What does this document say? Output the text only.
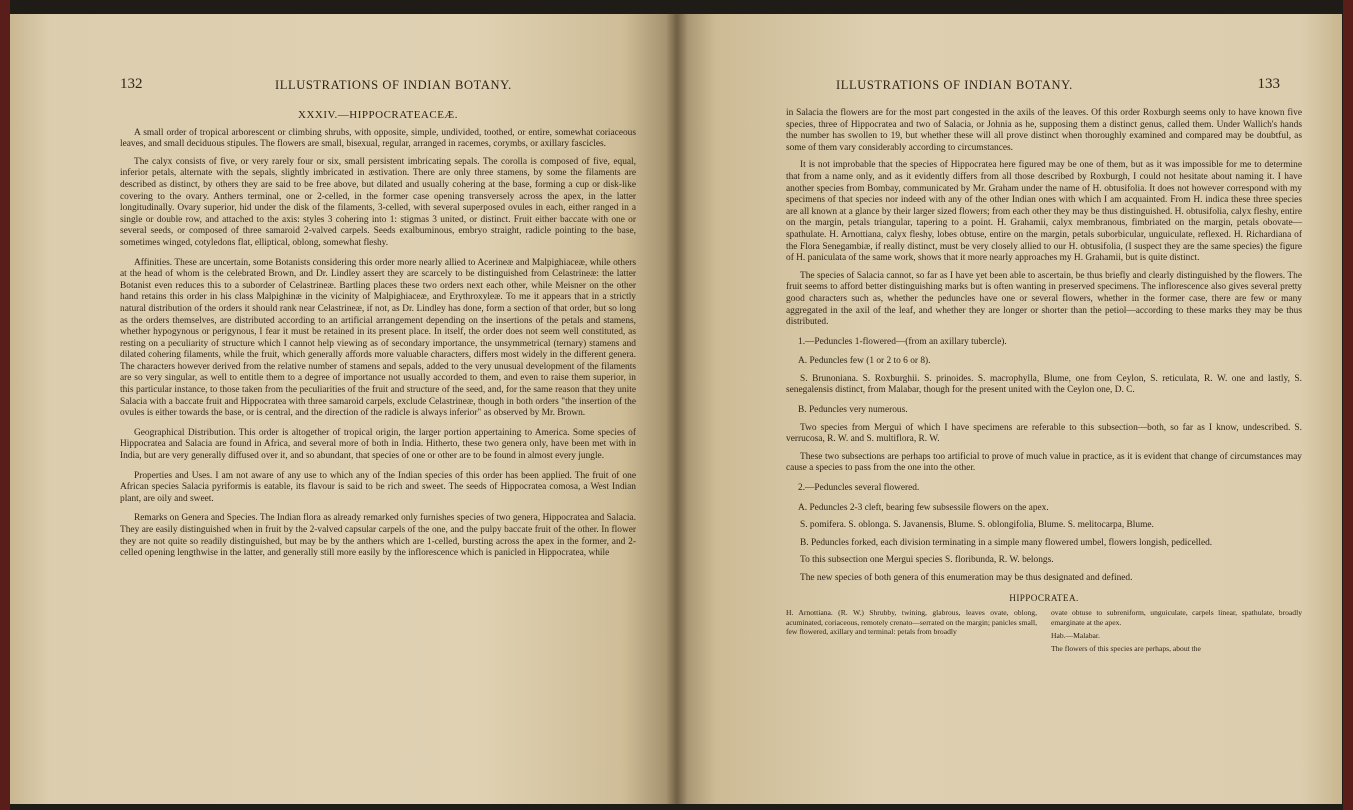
132	ILLUSTRATIONS OF INDIAN BOTANY.
XXXIV.—HIPPOCRATEACEÆ.

A small order of tropical arborescent or climbing shrubs, with opposite, simple, undivided, toothed, or entire, somewhat coriaceous leaves, and small deciduous stipules. The flowers are small, bisexual, regular, arranged in racemes, corymbs, or axillary fascicles.

The calyx consists of five, or very rarely four or six, small persistent imbricating sepals. The corolla is composed of five, equal, inferior petals, alternate with the sepals, slightly imbricated in æstivation. There are only three stamens, by some the filaments are described as distinct, by others they are said to be free above, but dilated and usually cohering at the base, forming a cup or disk-like covering to the ovary. Anthers terminal, one or 2-celled, in the former case opening transversely across the apex, in the latter longitudinally. Ovary superior, hid under the disk of the filaments, 3-celled, with several superposed ovules in each, either ranged in a single or double row, and attached to the axis: styles 3 cohering into 1: stigmas 3 united, or distinct. Fruit either baccate with one or several seeds, or composed of three samaroid 2-valved carpels. Seeds exalbuminous, embryo straight, radicle pointing to the base, sometimes winged, cotyledons flat, elliptical, oblong, somewhat fleshy.

Affinities. These are uncertain, some Botanists considering this order more nearly allied to Acerineæ and Malpighiaceæ, while others at the head of whom is the celebrated Brown, and Dr. Lindley assert they are scarcely to be distinguished from Celastrineæ: the latter Botanist even reduces this to a suborder of Celastrineæ. Bartling places these two orders next each other, while Meisner on the other hand retains this order in his class Malpighinæ in the vicinity of Malpighiaceæ, and Erythroxyleæ. To me it appears that in a strictly natural distribution of the orders it should rank near Celastrineæ, if not, as Dr. Lindley has done, form a section of that order, but so long as the orders themselves, are distributed according to an artificial arrangement depending on the insertions of the petals and stamens, whether hypogynous or perigynous, I fear it must be retained in its present place. In itself, the order does not seem well constituted, as resting on a peculiarity of structure which I cannot help viewing as of secondary importance, the unsymmetrical (ternary) stamens and dilated cohering filaments, while the fruit, which generally affords more valuable characters, differs most widely in the different genera. The characters however derived from the relative number of stamens and sepals, added to the very unusual development of the filaments are so very singular, as well to entitle them to a degree of importance not usually accorded to them, and even to raise them superior, in this particular instance, to those taken from the peculiarities of the fruit and structure of the seed, and, for the same reason that they unite Salacia with a baccate fruit and Hippocratea with three samaroid carpels, exclude Celastrineæ, though in both orders "the insertion of the ovules is either towards the base, or is central, and the direction of the radicle is always inferior" as observed by Mr. Brown.

Geographical Distribution. This order is altogether of tropical origin, the larger portion appertaining to America. Some species of Hippocratea and Salacia are found in Africa, and several more of both in India. Hitherto, these two genera only, have been met with in India, but are very generally diffused over it, and so abundant, that species of one or other are to be found in almost every jungle.

Properties and Uses. I am not aware of any use to which any of the Indian species of this order has been applied. The fruit of one African species Salacia pyriformis is eatable, its flavour is said to be rich and sweet. The seeds of Hippocratea comosa, a West Indian plant, are oily and sweet.

Remarks on Genera and Species. The Indian flora as already remarked only furnishes species of two genera, Hippocratea and Salacia. They are easily distinguished when in fruit by the 2-valved capsular carpels of the one, and the pulpy baccate fruit of the other. In flower they are not quite so readily distinguished, but may be by the anthers which are 1-celled, bursting across the apex in the former, and 2-celled opening lengthwise in the latter, and generally still more easily by the inflorescence which is panicled in Hippocratea, while

ILLUSTRATIONS OF INDIAN BOTANY.	133

in Salacia the flowers are for the most part congested in the axils of the leaves. Of this order Roxburgh seems only to have known five species, three of Hippocratea and two of Salacia, or Johnia as he, supposing them a distinct genus, called them. Under Wallich's hands the number has swollen to 19, but whether these will all prove distinct when thoroughly examined and compared may be doubtful, as some of them vary considerably according to circumstances.

It is not improbable that the species of Hippocratea here figured may be one of them, but as it was impossible for me to determine that from a name only, and as it evidently differs from all those described by Roxburgh, I could not hesitate about naming it. I have another species from Bombay, communicated by Mr. Graham under the name of H. obtusifolia. It does not however correspond with my specimens of that species nor indeed with any of the other Indian ones with which I am acquainted. From H. indica these three species are all known at a glance by their larger sized flowers; from each other they may be thus distinguished. H. obtusifolia, calyx fleshy, entire on the margin, petals triangular, tapering to a point. H. Grahamii, calyx membranous, fimbriated on the margin, petals obovate—spathulate. H. Arnottiana, calyx fleshy, lobes obtuse, entire on the margin, petals suborbicular, unguiculate, reflexed. H. Richardiana of the Flora Senegambiæ, if really distinct, must be very closely allied to our H. obtusifolia, (I suspect they are the same species) the figure of H. paniculata of the same work, shows that it more nearly approaches my H. Grahamii, but is quite distinct.

The species of Salacia cannot, so far as I have yet been able to ascertain, be thus briefly and clearly distinguished by the flowers. The fruit seems to afford better distinguishing marks but is often wanting in preserved specimens. The inflorescence also gives several pretty good characters such as, whether the peduncles have one or several flowers, whether in the former case, there are few or many aggregated in the axil of the leaf, and whether they are longer or shorter than the petiol—according to these marks they may be thus distributed.

1.—Peduncles 1-flowered—(from an axillary tubercle).

A. Peduncles few (1 or 2 to 6 or 8).

S. Brunoniana. S. Roxburghii. S. prinoides. S. macrophylla, Blume, one from Ceylon, S. reticulata, R. W. one and lastly, S. senegalensis distinct, from Malabar, though for the present united with the Ceylon one, D. C.

B. Peduncles very numerous.

Two species from Mergui of which I have specimens are referable to this subsection—both, so far as I know, undescribed. S. verrucosa, R. W. and S. multiflora, R. W.

These two subsections are perhaps too artificial to prove of much value in practice, as it is evident that change of circumstances may cause a species to pass from the one into the other.

2.—Peduncles several flowered.

A. Peduncles 2-3 cleft, bearing few subsessile flowers on the apex.

S. pomifera. S. oblonga. S. Javanensis, Blume. S. oblongifolia, Blume. S. melitocarpa, Blume.

B. Peduncles forked, each division terminating in a simple many flowered umbel, flowers longish, pedicelled.

To this subsection one Mergui species S. floribunda, R. W. belongs.

The new species of both genera of this enumeration may be thus designated and defined.

HIPPOCRATEA.
H. Arnottiana. (R. W.) Shrubby, twining, glabrous, leaves ovate, oblong, acuminated, coriaceous, remotely crenato—serrated on the margin; panicles small, few flowered, axillary and terminal: petals from broadly
ovate obtuse to subreniform, unguiculate, carpels linear, spathulate, broadly emarginate at the apex.
Hab.—Malabar.
The flowers of this species are perhaps, about the
